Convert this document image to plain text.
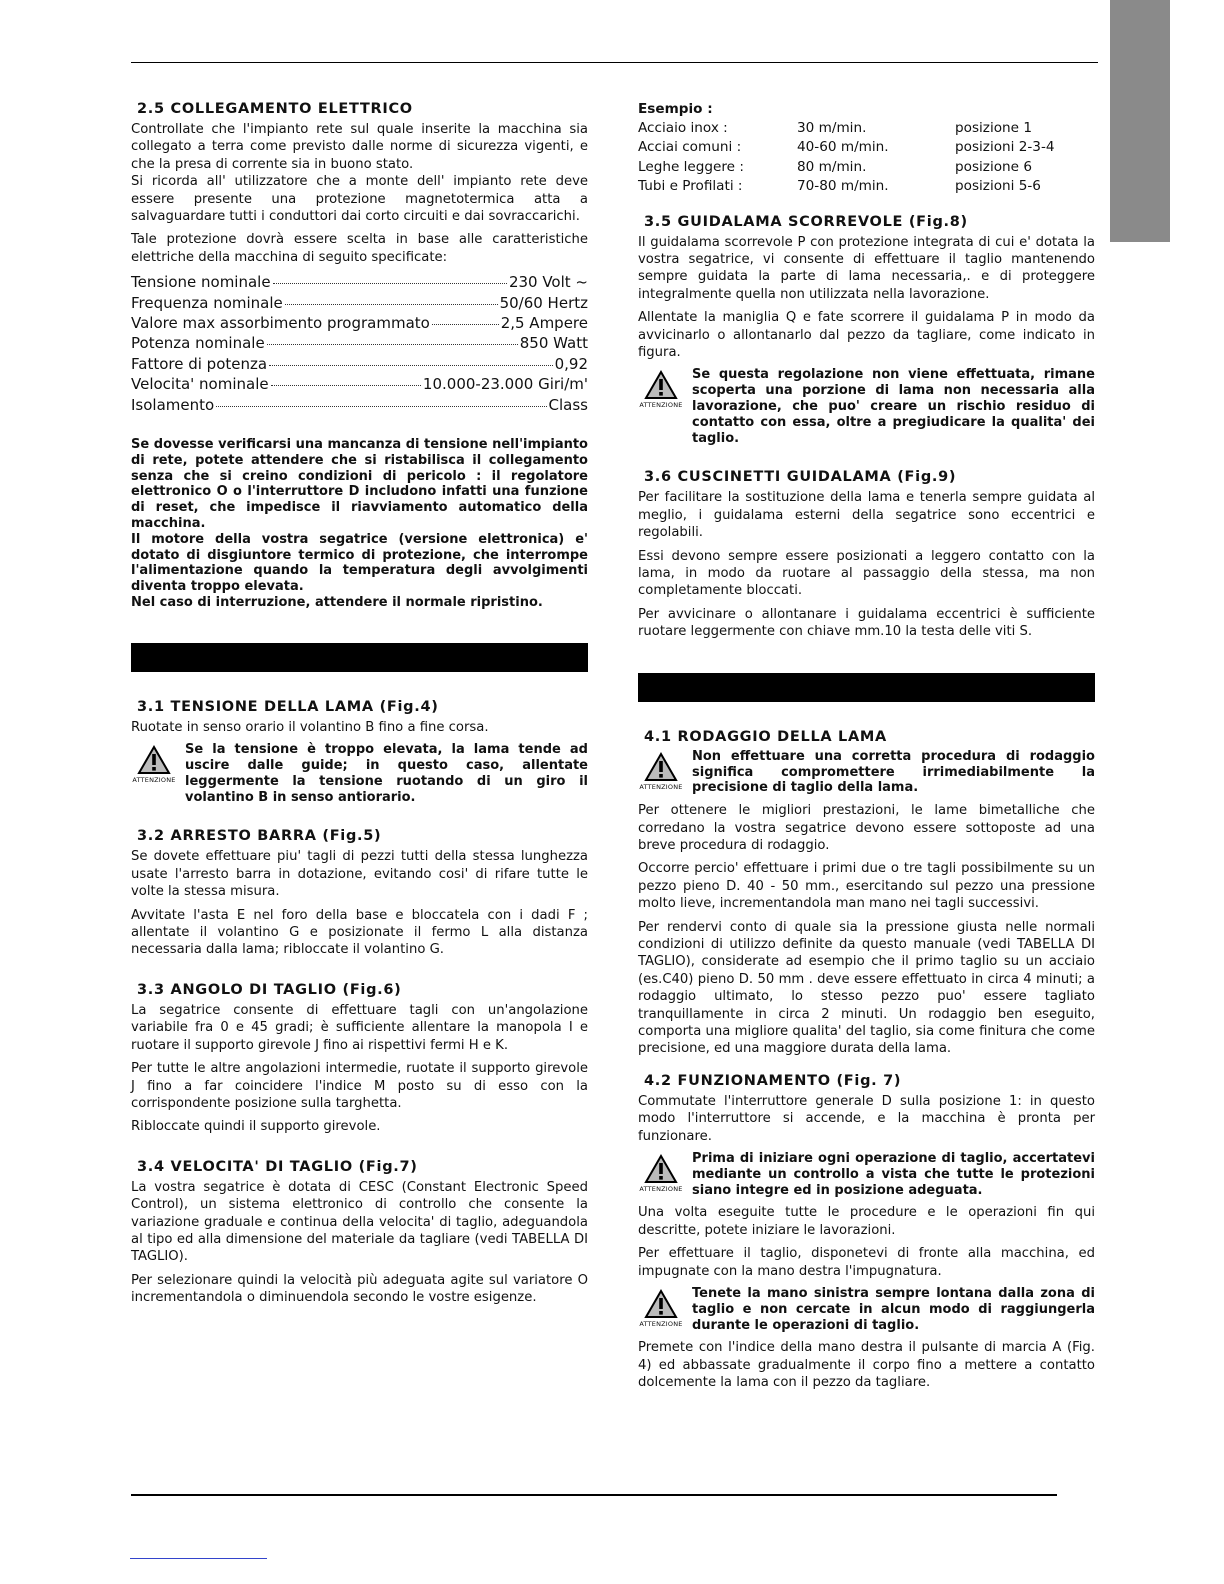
2.5 COLLEGAMENTO ELETTRICO

Controllate che l'impianto rete sul quale inserite la macchina sia collegato a terra come previsto dalle norme di sicurezza vigenti, e che la presa di corrente sia in buono stato.
Si ricorda all' utilizzatore che a monte dell' impianto rete deve essere presente una protezione magnetotermica atta a salvaguardare tutti i conduttori dai corto circuiti e dai sovraccarichi.

Tale protezione dovrà essere scelta in base alle caratteristiche elettriche della macchina di seguito specificate:

Tensione nominale	230 Volt ~
Frequenza nominale	50/60 Hertz
Valore max assorbimento programmato	2,5 Ampere
Potenza nominale	850 Watt
Fattore di potenza	0,92
Velocita' nominale	10.000-23.000 Giri/m'
Isolamento	Class

Se dovesse verificarsi una mancanza di tensione nell'impianto di rete, potete attendere che si ristabilisca il collegamento senza che si creino condizioni di pericolo : il regolatore elettronico O o l'interruttore D includono infatti una funzione di reset, che impedisce il riavviamento automatico della macchina.
Il motore della vostra segatrice (versione elettronica) e' dotato di disgiuntore termico di protezione, che interrompe l'alimentazione quando la temperatura degli avvolgimenti diventa troppo elevata.
Nel caso di interruzione, attendere il normale ripristino.

3.1 TENSIONE DELLA LAMA (Fig.4)

Ruotate in senso orario il volantino B fino a fine corsa.

ATTENZIONE
Se la tensione è troppo elevata, la lama tende ad uscire dalle guide; in questo caso, allentate leggermente la tensione ruotando di un giro il volantino B in senso antiorario.
3.2 ARRESTO BARRA (Fig.5)

Se dovete effettuare piu' tagli di pezzi tutti della stessa lunghezza usate l'arresto barra in dotazione, evitando cosi' di rifare tutte le volte la stessa misura.

Avvitate l'asta E nel foro della base e bloccatela con i dadi F ; allentate il volantino G e posizionate il fermo L alla distanza necessaria dalla lama; ribloccate il volantino G.

3.3 ANGOLO DI TAGLIO (Fig.6)

La segatrice consente di effettuare tagli con un'angolazione variabile fra 0 e 45 gradi; è sufficiente allentare la manopola I e ruotare il supporto girevole J fino ai rispettivi fermi H e K.

Per tutte le altre angolazioni intermedie, ruotate il supporto girevole J fino a far coincidere l'indice M posto su di esso con la corrispondente posizione sulla targhetta.

Ribloccate quindi il supporto girevole.

3.4 VELOCITA' DI TAGLIO (Fig.7)

La vostra segatrice è dotata di CESC (Constant Electronic Speed Control), un sistema elettronico di controllo che consente la variazione graduale e continua della velocita' di taglio, adeguandola al tipo ed alla dimensione del materiale da tagliare (vedi TABELLA DI TAGLIO).

Per selezionare quindi la velocità più adeguata agite sul variatore O incrementandola o diminuendola secondo le vostre esigenze.

Esempio :
Acciaio inox :	30 m/min.	posizione 1
Acciai comuni :	40-60 m/min.	posizioni 2-3-4
Leghe leggere :	80 m/min.	posizione 6
Tubi e Profilati :	70-80 m/min.	posizioni 5-6
3.5 GUIDALAMA SCORREVOLE (Fig.8)

Il guidalama scorrevole P con protezione integrata di cui e' dotata la vostra segatrice, vi consente di effettuare il taglio mantenendo sempre guidata la parte di lama necessaria,. e di proteggere integralmente quella non utilizzata nella lavorazione.

Allentate la maniglia Q e fate scorrere il guidalama P in modo da avvicinarlo o allontanarlo dal pezzo da tagliare, come indicato in figura.

ATTENZIONE
Se questa regolazione non viene effettuata, rimane scoperta una porzione di lama non necessaria alla lavorazione, che puo' creare un rischio residuo di contatto con essa, oltre a pregiudicare la qualita' dei taglio.
3.6 CUSCINETTI GUIDALAMA (Fig.9)

Per facilitare la sostituzione della lama e tenerla sempre guidata al meglio, i guidalama esterni della segatrice sono eccentrici e regolabili.

Essi devono sempre essere posizionati a leggero contatto con la lama, in modo da ruotare al passaggio della stessa, ma non completamente bloccati.

Per avvicinare o allontanare i guidalama eccentrici è sufficiente ruotare leggermente con chiave mm.10 la testa delle viti S.

4.1 RODAGGIO DELLA LAMA
ATTENZIONE
Non effettuare una corretta procedura di rodaggio significa compromettere irrimediabilmente la precisione di taglio della lama.

Per ottenere le migliori prestazioni, le lame bimetalliche che corredano la vostra segatrice devono essere sottoposte ad una breve procedura di rodaggio.

Occorre percio' effettuare i primi due o tre tagli possibilmente su un pezzo pieno D. 40 - 50 mm., esercitando sul pezzo una pressione molto lieve, incrementandola man mano nei tagli successivi.

Per rendervi conto di quale sia la pressione giusta nelle normali condizioni di utilizzo definite da questo manuale (vedi TABELLA DI TAGLIO), considerate ad esempio che il primo taglio su un acciaio (es.C40) pieno D. 50 mm . deve essere effettuato in circa 4 minuti; a rodaggio ultimato, lo stesso pezzo puo' essere tagliato tranquillamente in circa 2 minuti. Un rodaggio ben eseguito, comporta una migliore qualita' del taglio, sia come finitura che come precisione, ed una maggiore durata della lama.

4.2 FUNZIONAMENTO (Fig. 7)

Commutate l'interruttore generale D sulla posizione 1: in questo modo l'interruttore si accende, e la macchina è pronta per funzionare.

ATTENZIONE
Prima di iniziare ogni operazione di taglio, accertatevi mediante un controllo a vista che tutte le protezioni siano integre ed in posizione adeguata.

Una volta eseguite tutte le procedure e le operazioni fin qui descritte, potete iniziare le lavorazioni.

Per effettuare il taglio, disponetevi di fronte alla macchina, ed impugnate con la mano destra l'impugnatura.

ATTENZIONE
Tenete la mano sinistra sempre lontana dalla zona di taglio e non cercate in alcun modo di raggiungerla durante le operazioni di taglio.

Premete con l'indice della mano destra il pulsante di marcia A (Fig. 4) ed abbassate gradualmente il corpo fino a mettere a contatto dolcemente la lama con il pezzo da tagliare.
